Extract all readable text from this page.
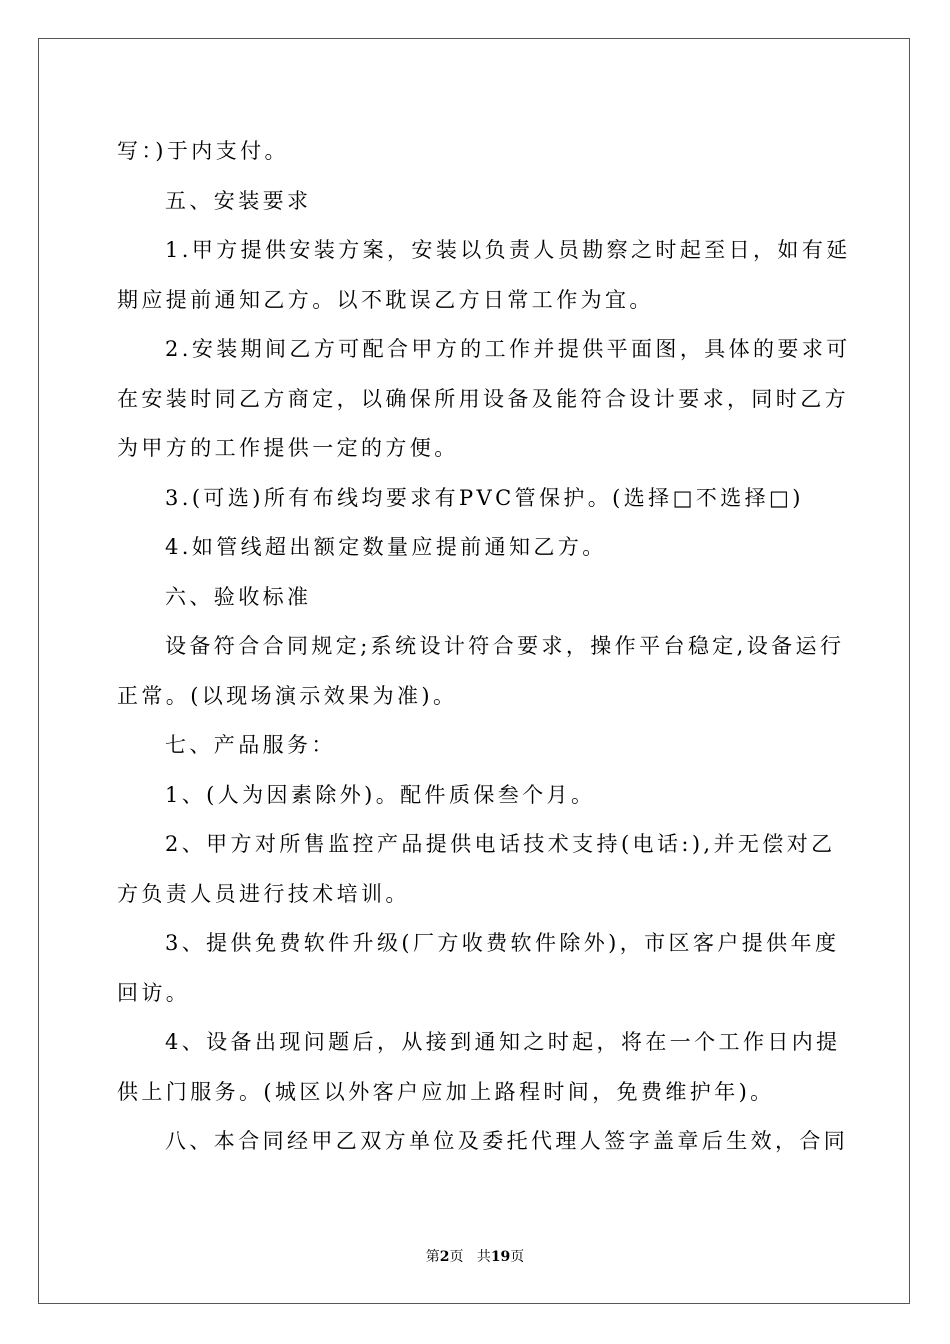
写：)于内支付。
五、安装要求
1.甲方提供安装方案，安装以负责人员勘察之时起至日，如有延
期应提前通知乙方。以不耽误乙方日常工作为宜。
2.安装期间乙方可配合甲方的工作并提供平面图，具体的要求可
在安装时同乙方商定，以确保所用设备及能符合设计要求，同时乙方
为甲方的工作提供一定的方便。
3.(可选)所有布线均要求有PVC管保护。(选择□不选择□)
4.如管线超出额定数量应提前通知乙方。
六、验收标准
设备符合合同规定;系统设计符合要求，操作平台稳定,设备运行
正常。(以现场演示效果为准)。
七、产品服务：
1、(人为因素除外)。配件质保叁个月。
2、甲方对所售监控产品提供电话技术支持(电话:),并无偿对乙
方负责人员进行技术培训。
3、提供免费软件升级(厂方收费软件除外)，市区客户提供年度
回访。
4、设备出现问题后，从接到通知之时起，将在一个工作日内提
供上门服务。(城区以外客户应加上路程时间，免费维护年)。
八、本合同经甲乙双方单位及委托代理人签字盖章后生效，合同
第2页 共19页
